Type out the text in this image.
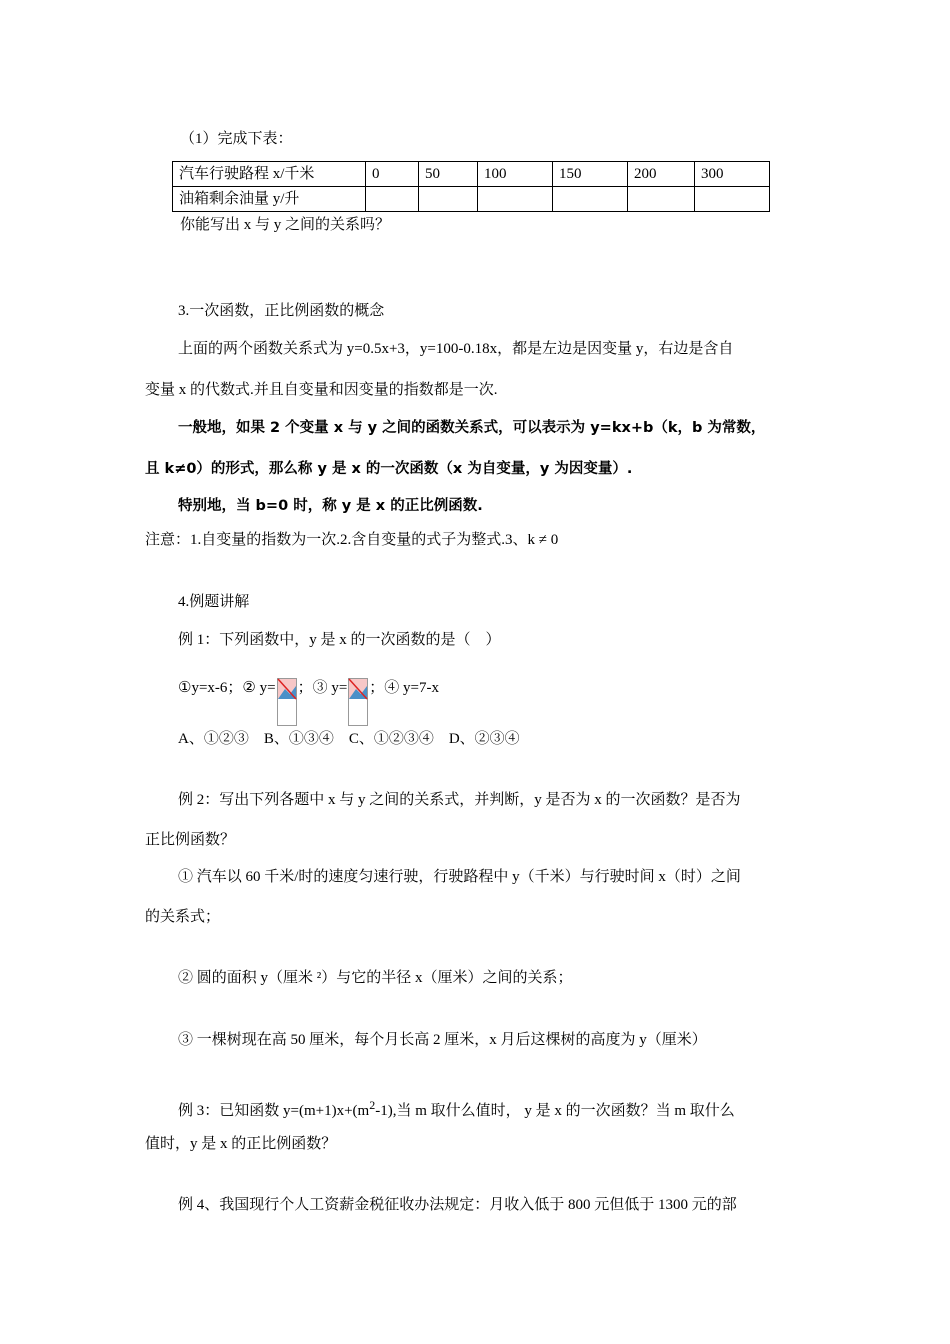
（1）完成下表：
汽车行驶路程 x/千米	0	50	100	150	200	300
油箱剩余油量 y/升						
你能写出 x 与 y 之间的关系吗？
3.一次函数，正比例函数的概念
上面的两个函数关系式为 y=0.5x+3，y=100-0.18x，都是左边是因变量 y，右边是含自
变量 x 的代数式.并且自变量和因变量的指数都是一次.
一般地，如果 2 个变量 x 与 y 之间的函数关系式，可以表示为 y=kx+b（k，b 为常数，
且 k≠0）的形式，那么称 y 是 x 的一次函数（x 为自变量，y 为因变量）.
特别地，当 b=0 时，称 y 是 x 的正比例函数.
注意：1.自变量的指数为一次.2.含自变量的式子为整式.3、k ≠ 0
4.例题讲解
例 1：下列函数中，y 是 x 的一次函数的是（　）
①y=x-6；② y= ；③ y= ；④ y=7-x
A、①②③　B、①③④　C、①②③④　D、②③④
例 2：写出下列各题中 x 与 y 之间的关系式，并判断，y 是否为 x 的一次函数？是否为
正比例函数？
① 汽车以 60 千米/时的速度匀速行驶，行驶路程中 y（千米）与行驶时间 x（时）之间
的关系式；
② 圆的面积 y（厘米 ²）与它的半径 x（厘米）之间的关系；
③ 一棵树现在高 50 厘米，每个月长高 2 厘米，x 月后这棵树的高度为 y（厘米）
例 3：已知函数 $y=(m+1)x+(m^2-1)$,当 m 取什么值时， y 是 x 的一次函数？当 m 取什么
值时，y 是 x 的正比例函数？
例 4、我国现行个人工资薪金税征收办法规定：月收入低于 800 元但低于 1300 元的部
